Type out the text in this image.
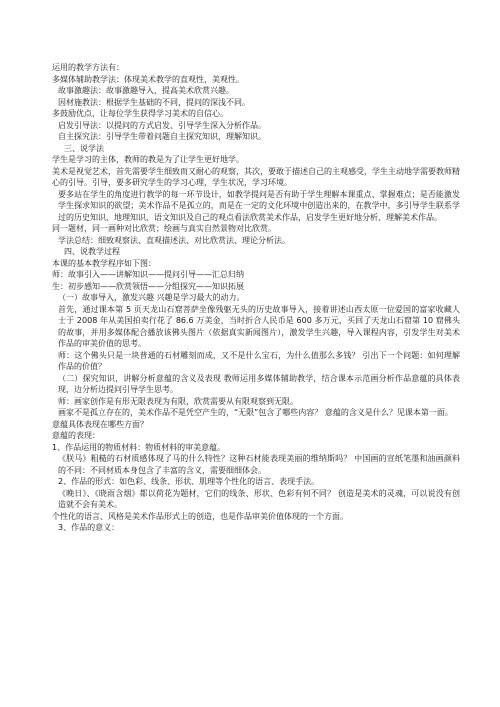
运用的教学方法有：
多媒体辅助教学法：体现美术教学的直观性，美观性。
故事激趣法：故事激趣导入，提高美术欣赏兴趣。
因材施教法：根据学生基础的不同，提问的深浅不同。
多鼓励优点，让每位学生获得学习美术的自信心。
启发引导法：以提问的方式启发、引导学生深入分析作品。
自主探究法：引导学生带着问题自主探究知识，理解知识。
三、说学法
学生是学习的主体，教师的教是为了让学生更好地学。
美术是视觉艺术，首先需要学生细致而又耐心的观察，其次，要敢于描述自己的主观感受，学生主动地学需要教师精心的引导。引导，要多研究学生的学习心理，学生状况，学习环境。
要多站在学生的角度进行教学的每一环节设计，如教学提问是否有助于学生理解本课重点、掌握难点；是否能激发学生探求知识的欲望；美术作品不是孤立的，而是在一定的文化环境中创造出来的，在教学中，多引导学生联系学过的历史知识、地理知识、语文知识及自己的观点看法欣赏美术作品，启发学生更好地分析、理解美术作品。
同一题材，同一画种对比欣赏；绘画与真实自然景物对比欣赏。
学法总结：细致观察法、直观描述法、对比欣赏法、理论分析法。
四、说教学过程
本课的基本教学程序如下图：
师：故事引入——讲解知识——提问引导——汇总归纳
生：初步感知——欣赏领悟——分组探究——知识拓展
（一）故事导入，激发兴趣 兴趣是学习最大的动力。
首先，通过课本第 5 页天龙山石窟菩萨坐像残躯无头的历史故事导入，接着讲述山西太原一位爱国的富家收藏人士于 2008 年从美国拍卖行花了 86.6 万美金，当时折合人民币是 600 多万元，买回了天龙山石窟第 10 窟佛头的故事，并用多媒体配合播放该佛头图片（依据真实新闻图片），激发学生兴趣，导入课程内容，引发学生对美术作品的审美价值的思考。
师：这个佛头只是一块普通的石材雕刻而成，又不是什么宝石，为什么值那么多钱？ 引出下一个问题：如何理解作品的价值？
（二）探究知识，讲解分析意蕴的含义及表现 教师运用多媒体辅助教学，结合课本示范画分析作品意蕴的具体表现，边分析边提问引导学生思考。
师：画家创作是有形无限表现为有限，欣赏需要从有限观察到无限。
画家不是孤立存在的，美术作品不是凭空产生的，“无限”包含了哪些内容？ 意蕴的含义是什么？见课本第一面。
意蕴具体表现在哪些方面？
意蕴的表现：
1、作品运用的物质材料：物质材料的审美意蕴。
《朕马》粗糙的石材质感体现了马的什么特性？这种石材能表现美丽的维纳斯吗？ 中国画的宣纸笔墨和油画颜料的不同：不同材质本身包含了丰富的含义，需要细细体会。
2、作品的形式：如色彩、线条、形状、肌理等个性化的语言、表现手法。
《晚日》、《晓雨含烟》都以荷花为题材，它们的线条、形状、色彩有何不同？ 创造是美术的灵魂，可以说没有创造就不会有美术。
个性化的语言、风格是美术作品形式上的创造，也是作品审美价值体现的一个方面。
3、作品的意义：
